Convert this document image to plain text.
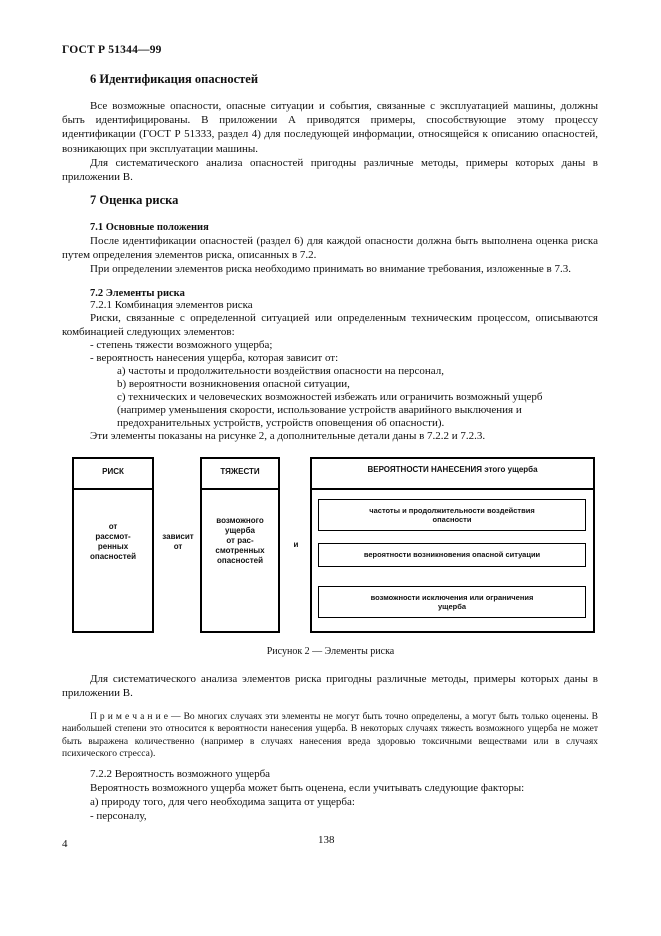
ГОСТ Р 51344—99
6 Идентификация опасностей
Все возможные опасности, опасные ситуации и события, связанные с эксплуатацией машины, должны быть идентифицированы. В приложении А приводятся примеры, способствующие этому процессу идентификации (ГОСТ Р 51333, раздел 4) для последующей информации, относящейся к описанию опасностей, возникающих при эксплуатации машины.
Для систематического анализа опасностей пригодны различные методы, примеры которых даны в приложении В.
7 Оценка риска
7.1 Основные положения
После идентификации опасностей (раздел 6) для каждой опасности должна быть выполнена оценка риска путем определения элементов риска, описанных в 7.2.
При определении элементов риска необходимо принимать во внимание требования, изложенные в 7.3.
7.2 Элементы риска
7.2.1 Комбинация элементов риска
Риски, связанные с определенной ситуацией или определенным техническим процессом, описываются комбинацией следующих элементов:
- степень тяжести возможного ущерба;
- вероятность нанесения ущерба, которая зависит от:
a) частоты и продолжительности воздействия опасности на персонал,
b) вероятности возникновения опасной ситуации,
c) технических и человеческих возможностей избежать или ограничить возможный ущерб
(например уменьшения скорости, использование устройств аварийного выключения и
предохранительных устройств, устройств оповещения об опасности).
Эти элементы показаны на рисунке 2, а дополнительные детали даны в 7.2.2 и 7.2.3.
РИСК
от
рассмот-
ренных
опасностей
зависит
от
ТЯЖЕСТИ
возможного
ущерба
от рас-
смотренных
опасностей
и
ВЕРОЯТНОСТИ НАНЕСЕНИЯ этого ущерба
частоты и продолжительности воздействия
опасности
вероятности возникновения опасной ситуации
возможности исключения или ограничения
ущерба
Рисунок 2 — Элементы риска
Для систематического анализа элементов риска пригодны различные методы, примеры которых даны в приложении В.
П р и м е ч а н и е — Во многих случаях эти элементы не могут быть точно определены, а могут быть только оценены. В наибольшей степени это относится к вероятности нанесения ущерба. В некоторых случаях тяжесть возможного ущерба не может быть выражена количественно (например в случаях нанесения вреда здоровью токсичными веществами или в случаях психического стресса).
7.2.2 Вероятность возможного ущерба
Вероятность возможного ущерба может быть оценена, если учитывать следующие факторы:
а) природу того, для чего необходима защита от ущерба:
- персоналу,
4	138
